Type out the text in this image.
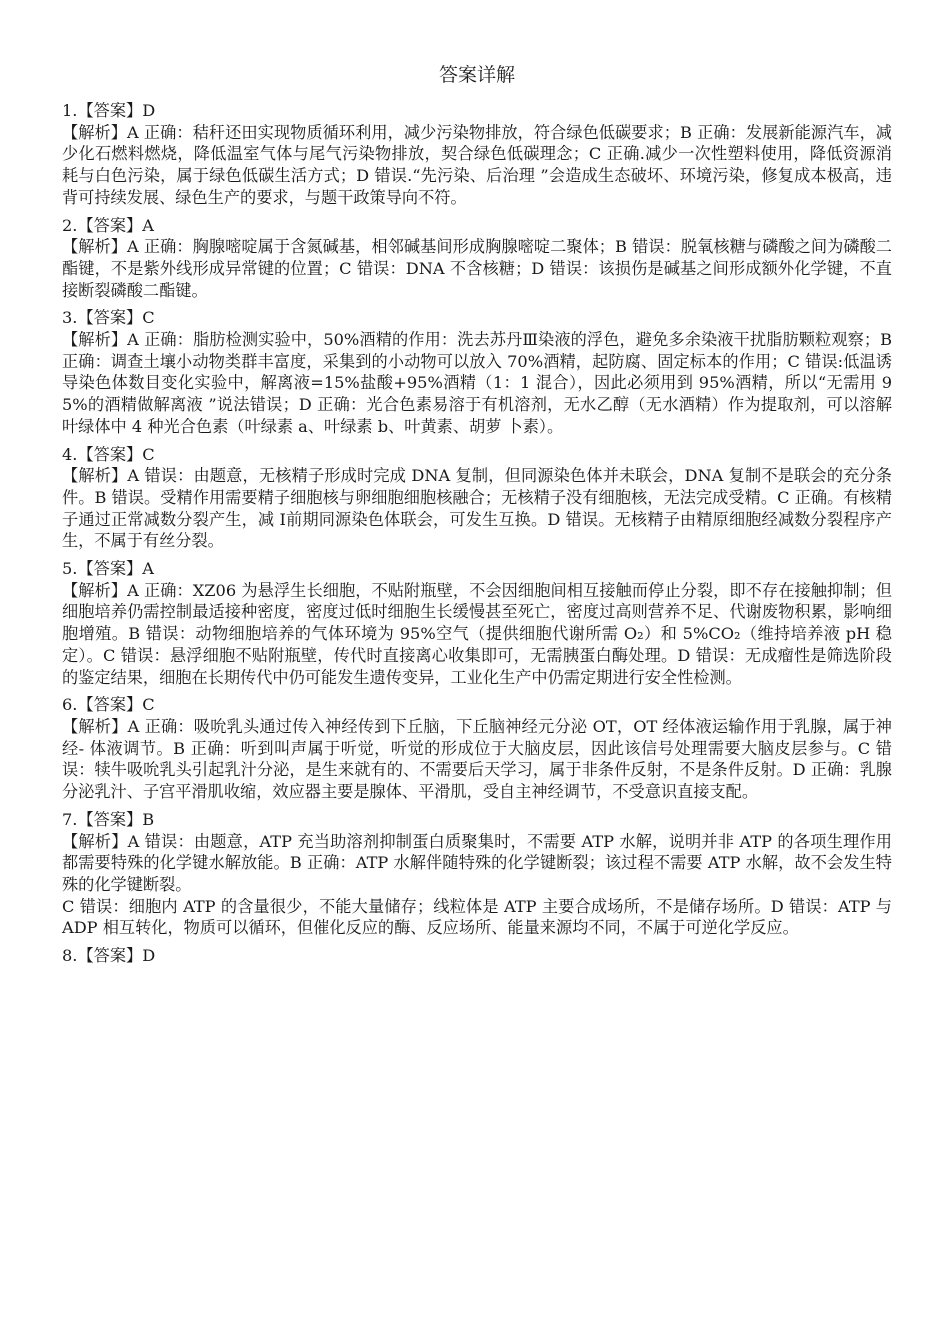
答案详解

1.【答案】D

【解析】A 正确：秸秆还田实现物质循环利用，减少污染物排放，符合绿色低碳要求；B 正确：发展新能源汽车，减少化石燃料燃烧，降低温室气体与尾气污染物排放，契合绿色低碳理念；C 正确.减少一次性塑料使用，降低资源消耗与白色污染，属于绿色低碳生活方式；D 错误.“先污染、后治理 ”会造成生态破坏、环境污染，修复成本极高，违背可持续发展、绿色生产的要求，与题干政策导向不符。

2.【答案】A

【解析】A 正确：胸腺嘧啶属于含氮碱基，相邻碱基间形成胸腺嘧啶二聚体；B 错误：脱氧核糖与磷酸之间为磷酸二酯键，不是紫外线形成异常键的位置；C 错误：DNA 不含核糖；D 错误：该损伤是碱基之间形成额外化学键，不直接断裂磷酸二酯键。

3.【答案】C

【解析】A 正确：脂肪检测实验中，50%酒精的作用：洗去苏丹Ⅲ染液的浮色，避免多余染液干扰脂肪颗粒观察；B 正确：调查土壤小动物类群丰富度，采集到的小动物可以放入 70%酒精，起防腐、固定标本的作用；C 错误:低温诱导染色体数目变化实验中，解离液=15%盐酸+95%酒精（1：1 混合），因此必须用到 95%酒精，所以“无需用 95%的酒精做解离液 ”说法错误；D 正确：光合色素易溶于有机溶剂，无水乙醇（无水酒精）作为提取剂，可以溶解叶绿体中 4 种光合色素（叶绿素 a、叶绿素 b、叶黄素、胡萝 卜素）。

4.【答案】C

【解析】A 错误：由题意，无核精子形成时完成 DNA 复制，但同源染色体并未联会，DNA 复制不是联会的充分条件。B 错误。受精作用需要精子细胞核与卵细胞细胞核融合；无核精子没有细胞核，无法完成受精。C 正确。有核精子通过正常减数分裂产生，减 Ⅰ前期同源染色体联会，可发生互换。D 错误。无核精子由精原细胞经减数分裂程序产生，不属于有丝分裂。

5.【答案】A

【解析】A 正确：XZ06 为悬浮生长细胞，不贴附瓶壁，不会因细胞间相互接触而停止分裂，即不存在接触抑制；但细胞培养仍需控制最适接种密度，密度过低时细胞生长缓慢甚至死亡，密度过高则营养不足、代谢废物积累，影响细胞增殖。B 错误：动物细胞培养的气体环境为 95%空气（提供细胞代谢所需 O₂）和 5%CO₂（维持培养液 pH 稳定）。C 错误：悬浮细胞不贴附瓶壁，传代时直接离心收集即可，无需胰蛋白酶处理。D 错误：无成瘤性是筛选阶段的鉴定结果，细胞在长期传代中仍可能发生遗传变异，工业化生产中仍需定期进行安全性检测。

6.【答案】C

【解析】A 正确：吸吮乳头通过传入神经传到下丘脑，下丘脑神经元分泌 OT，OT 经体液运输作用于乳腺，属于神经- 体液调节。B 正确：听到叫声属于听觉，听觉的形成位于大脑皮层，因此该信号处理需要大脑皮层参与。C 错误：犊牛吸吮乳头引起乳汁分泌，是生来就有的、不需要后天学习，属于非条件反射，不是条件反射。D 正确：乳腺分泌乳汁、子宫平滑肌收缩，效应器主要是腺体、平滑肌，受自主神经调节，不受意识直接支配。

7.【答案】B

【解析】A 错误：由题意，ATP 充当助溶剂抑制蛋白质聚集时，不需要 ATP 水解，说明并非 ATP 的各项生理作用都需要特殊的化学键水解放能。B 正确：ATP 水解伴随特殊的化学键断裂；该过程不需要 ATP 水解，故不会发生特殊的化学键断裂。

C 错误：细胞内 ATP 的含量很少，不能大量储存；线粒体是 ATP 主要合成场所，不是储存场所。D 错误：ATP 与 ADP 相互转化，物质可以循环，但催化反应的酶、反应场所、能量来源均不同，不属于可逆化学反应。

8.【答案】D
